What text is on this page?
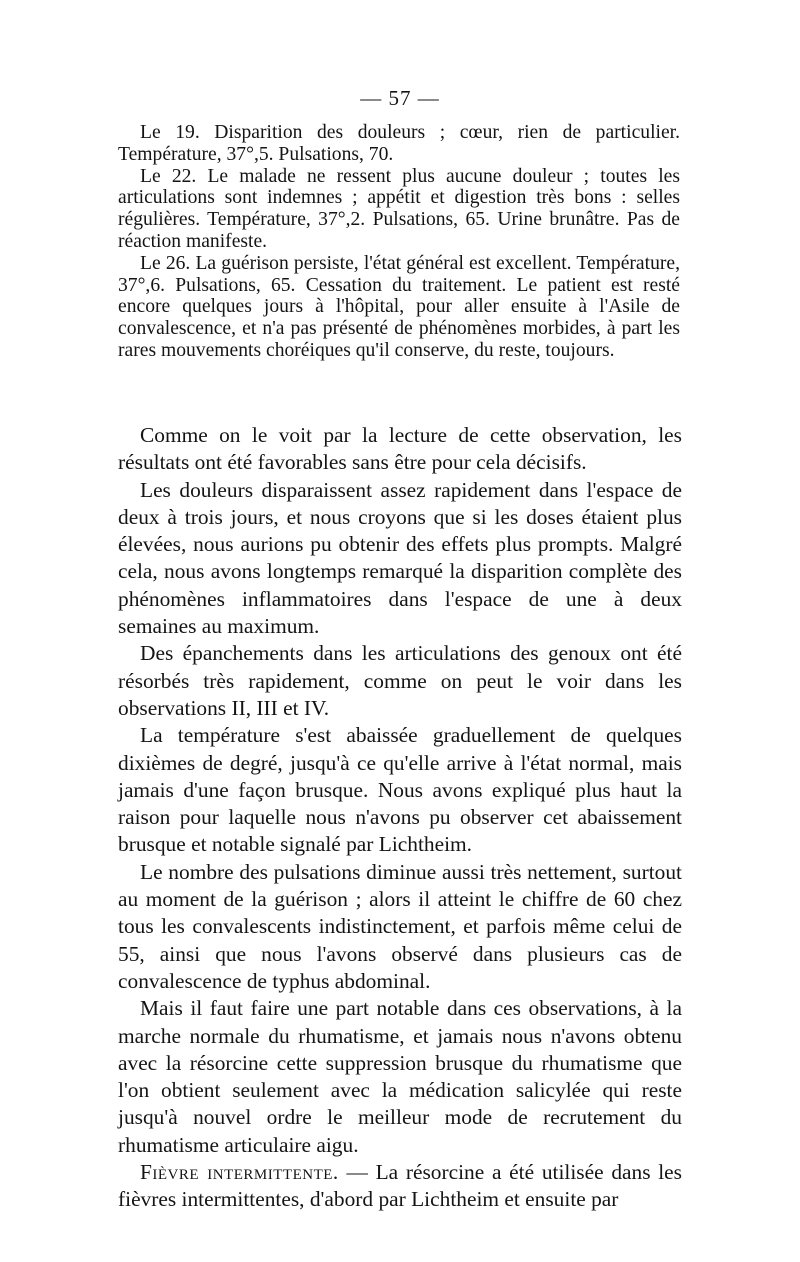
— 57 —

Le 19. Disparition des douleurs ; cœur, rien de particulier. Température, 37°,5. Pulsations, 70.

Le 22. Le malade ne ressent plus aucune douleur ; toutes les articulations sont indemnes ; appétit et digestion très bons : selles régulières. Température, 37°,2. Pulsations, 65. Urine brunâtre. Pas de réaction manifeste.

Le 26. La guérison persiste, l'état général est excellent. Température, 37°,6. Pulsations, 65. Cessation du traitement. Le patient est resté encore quelques jours à l'hôpital, pour aller ensuite à l'Asile de convalescence, et n'a pas présenté de phénomènes morbides, à part les rares mouvements choréiques qu'il conserve, du reste, toujours.

Comme on le voit par la lecture de cette observation, les résultats ont été favorables sans être pour cela décisifs.

Les douleurs disparaissent assez rapidement dans l'espace de deux à trois jours, et nous croyons que si les doses étaient plus élevées, nous aurions pu obtenir des effets plus prompts. Malgré cela, nous avons longtemps remarqué la disparition complète des phénomènes inflammatoires dans l'espace de une à deux semaines au maximum.

Des épanchements dans les articulations des genoux ont été résorbés très rapidement, comme on peut le voir dans les observations II, III et IV.

La température s'est abaissée graduellement de quelques dixièmes de degré, jusqu'à ce qu'elle arrive à l'état normal, mais jamais d'une façon brusque. Nous avons expliqué plus haut la raison pour laquelle nous n'avons pu observer cet abaissement brusque et notable signalé par Lichtheim.

Le nombre des pulsations diminue aussi très nettement, surtout au moment de la guérison ; alors il atteint le chiffre de 60 chez tous les convalescents indistinctement, et parfois même celui de 55, ainsi que nous l'avons observé dans plusieurs cas de convalescence de typhus abdominal.

Mais il faut faire une part notable dans ces observations, à la marche normale du rhumatisme, et jamais nous n'avons obtenu avec la résorcine cette suppression brusque du rhumatisme que l'on obtient seulement avec la médication salicylée qui reste jusqu'à nouvel ordre le meilleur mode de recrutement du rhumatisme articulaire aigu.

Fièvre intermittente. — La résorcine a été utilisée dans les fièvres intermittentes, d'abord par Lichtheim et ensuite par
